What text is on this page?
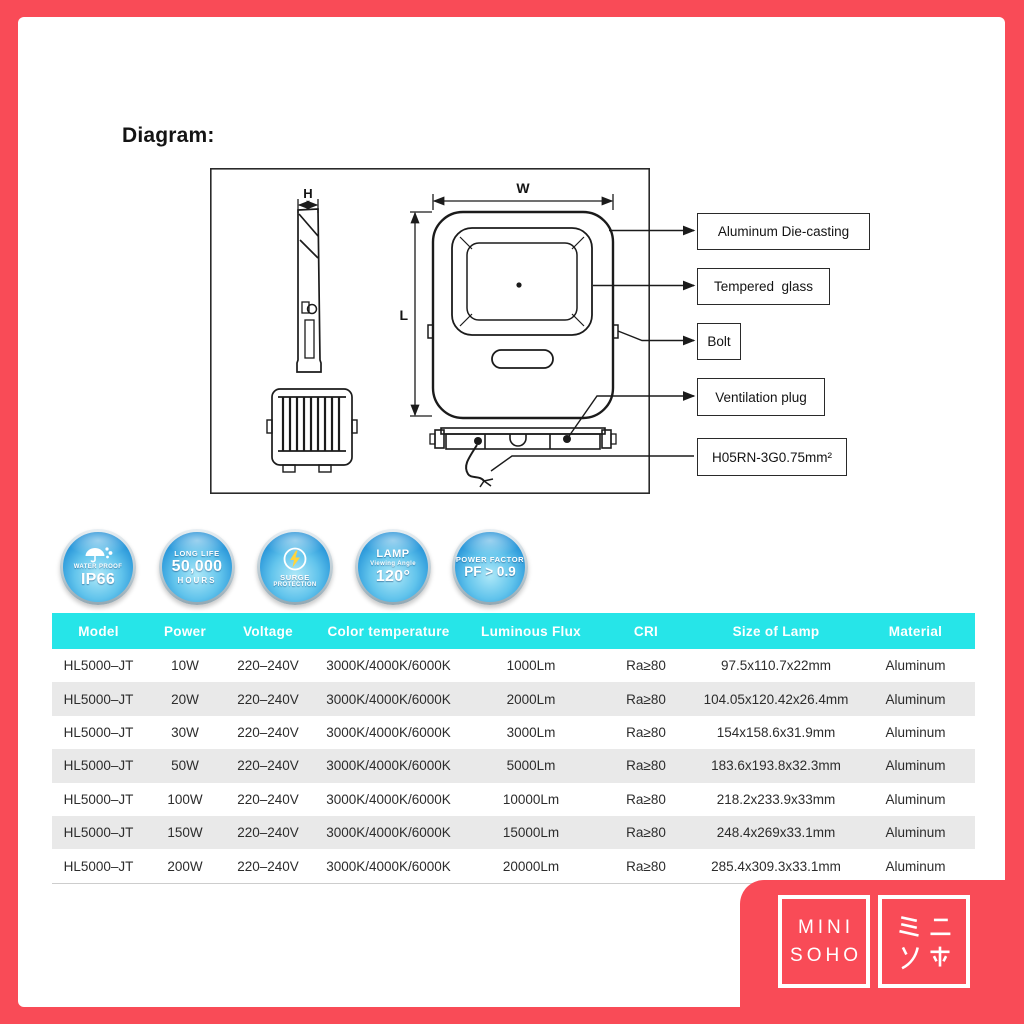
Diagram:
H	W
L
Aluminum Die-casting
Tempered  glass
Bolt
Ventilation plug
H05RN-3G0.75mm²
WATER PROOF
IP66
LONG LIFE
50,000
HOURS	SURGE
PROTECTION
LAMP
Viewing Angle
120°
POWER FACTOR
PF > 0.9
Model	Power	Voltage	Color temperature	Luminous Flux	CRI	Size of Lamp	Material
HL5000–JT	10W	220–240V	3000K/4000K/6000K	1000Lm	Ra≥80	97.5x110.7x22mm	Aluminum
HL5000–JT	20W	220–240V	3000K/4000K/6000K	2000Lm	Ra≥80	104.05x120.42x26.4mm	Aluminum
HL5000–JT	30W	220–240V	3000K/4000K/6000K	3000Lm	Ra≥80	154x158.6x31.9mm	Aluminum
HL5000–JT	50W	220–240V	3000K/4000K/6000K	5000Lm	Ra≥80	183.6x193.8x32.3mm	Aluminum
HL5000–JT	100W	220–240V	3000K/4000K/6000K	10000Lm	Ra≥80	218.2x233.9x33mm	Aluminum
HL5000–JT	150W	220–240V	3000K/4000K/6000K	15000Lm	Ra≥80	248.4x269x33.1mm	Aluminum
HL5000–JT	200W	220–240V	3000K/4000K/6000K	20000Lm	Ra≥80	285.4x309.3x33.1mm	Aluminum
MINI
SOHO
